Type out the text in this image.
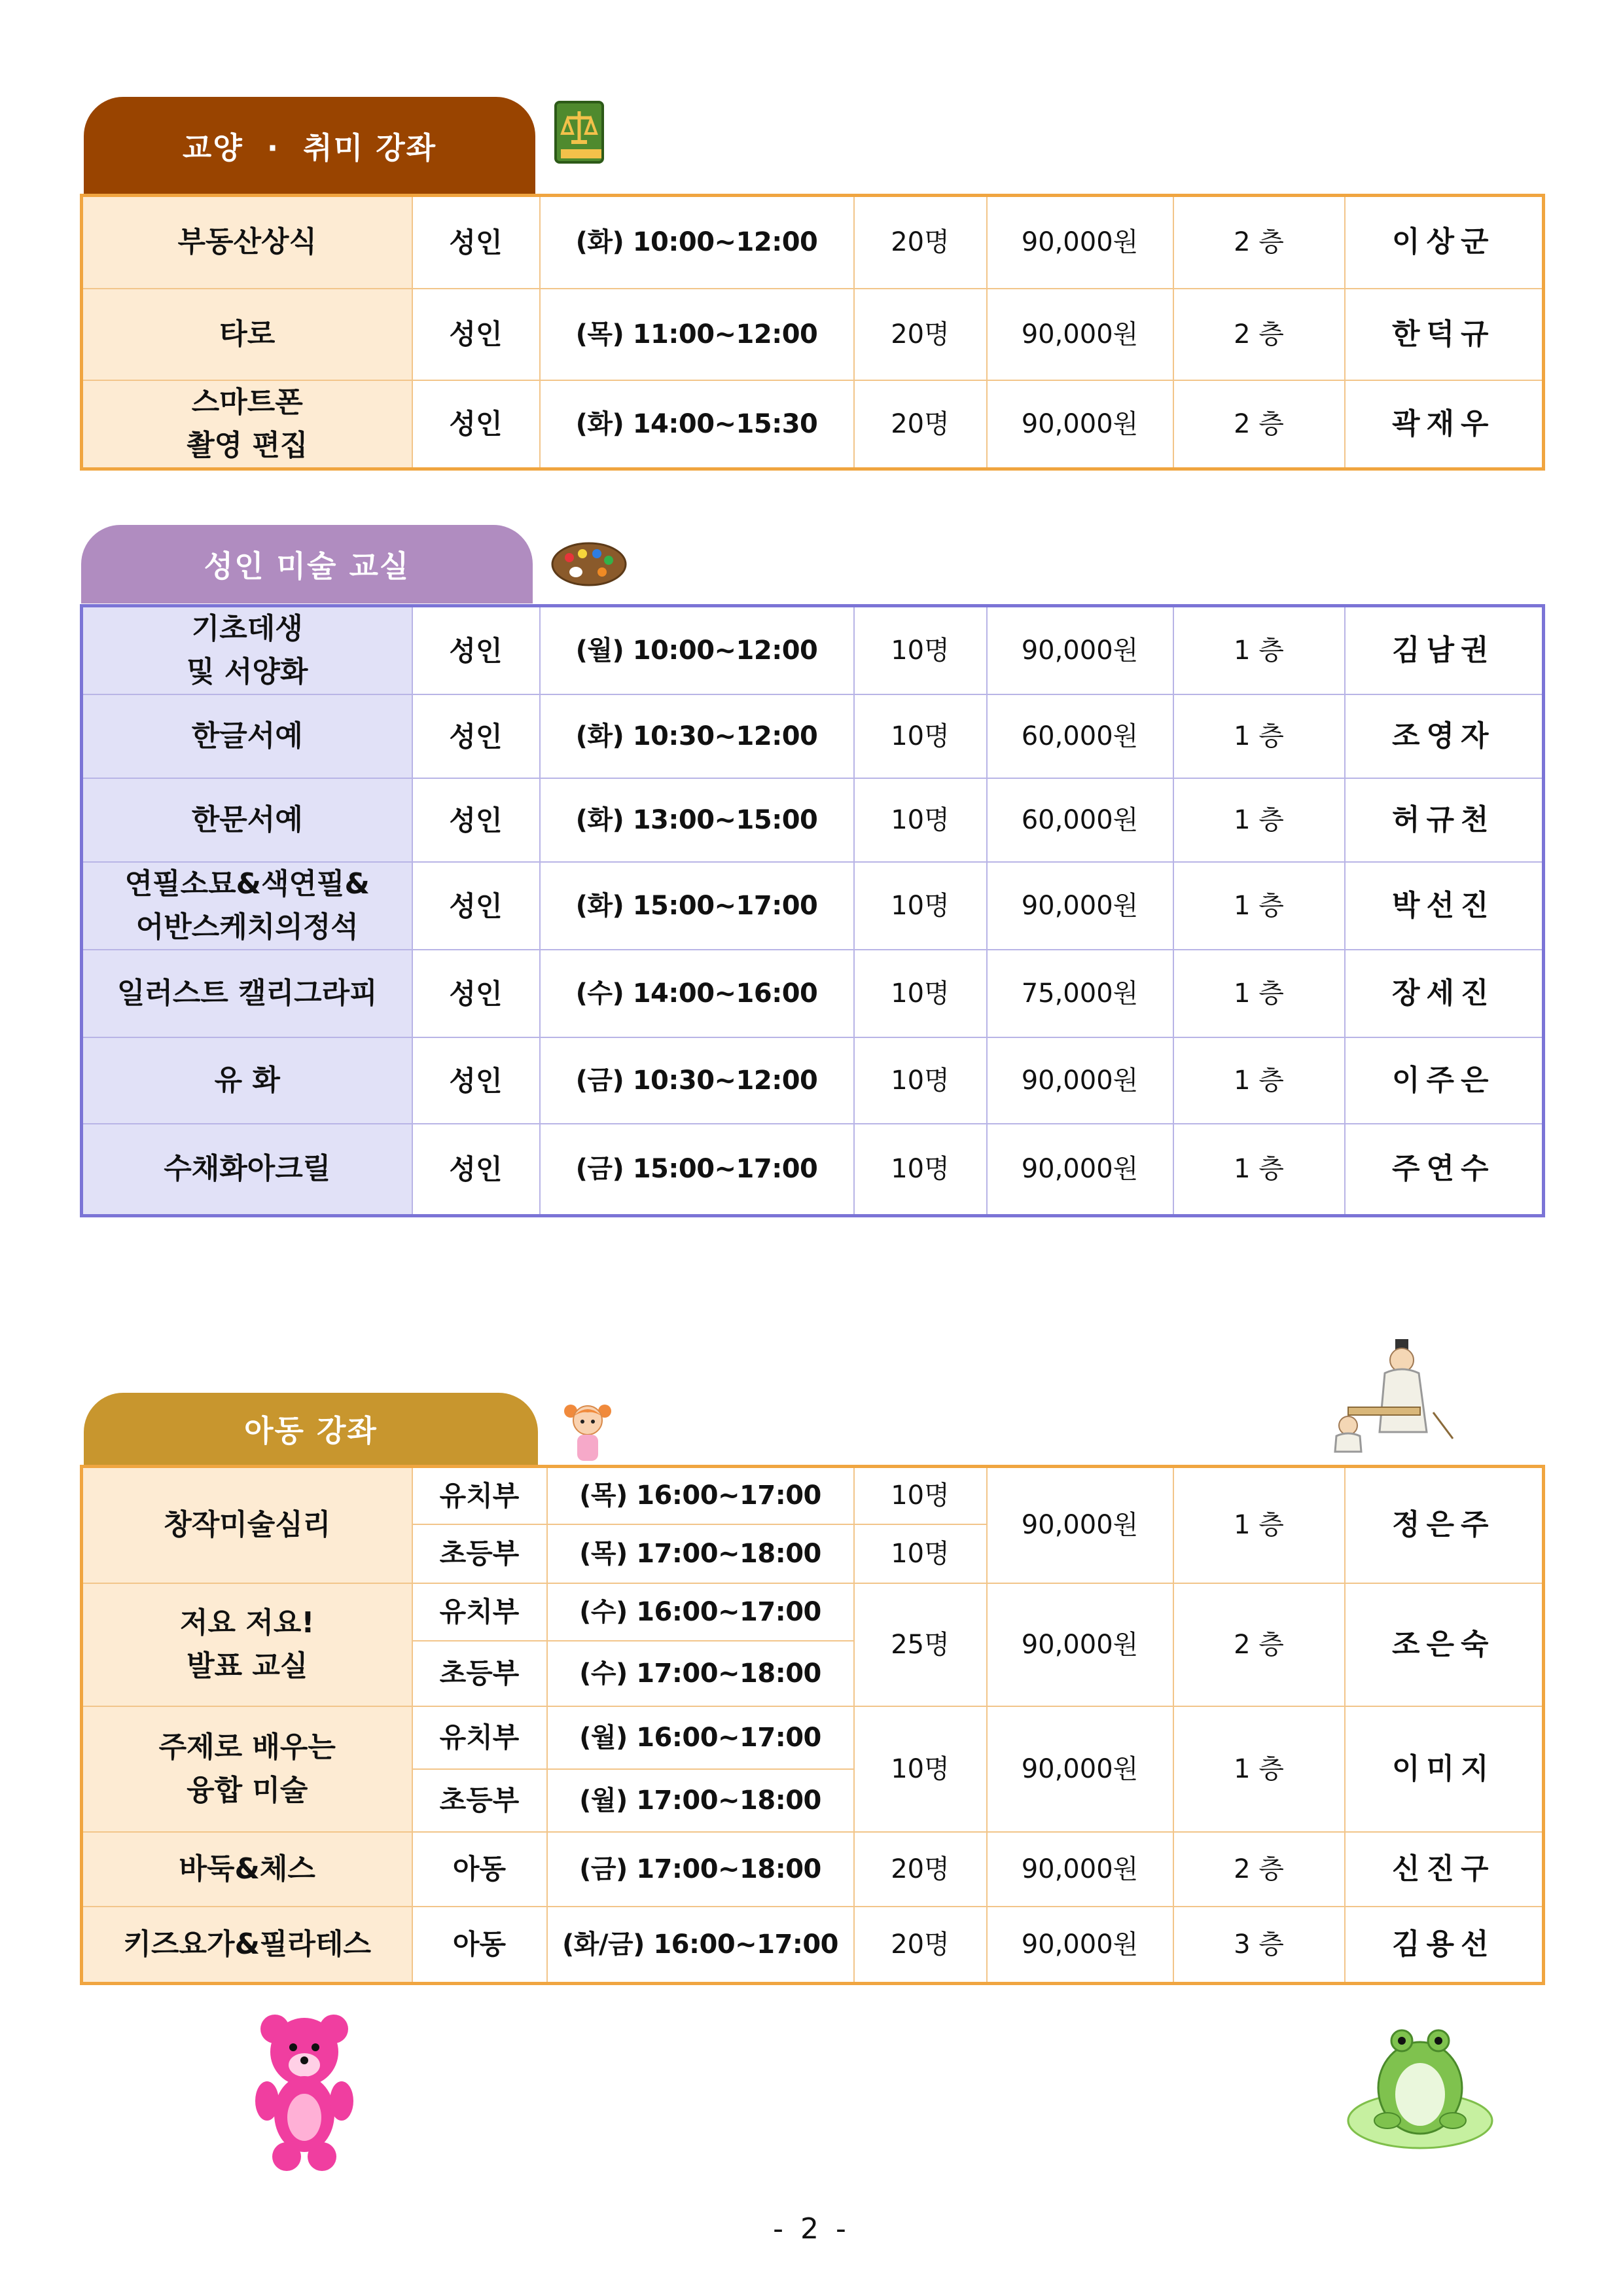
교양  ·  취미 강좌
부동산상식	성인	(화) 10:00~12:00	20명	90,000원	2 층	이상군
타로	성인	(목) 11:00~12:00	20명	90,000원	2 층	한덕규
스마트폰
촬영 편집	성인	(화) 14:00~15:30	20명	90,000원	2 층	곽재우
성인 미술 교실
기초데생
및 서양화	성인	(월) 10:00~12:00	10명	90,000원	1 층	김남권
한글서예	성인	(화) 10:30~12:00	10명	60,000원	1 층	조영자
한문서예	성인	(화) 13:00~15:00	10명	60,000원	1 층	허규천
연필소묘&색연필&
어반스케치의정석	성인	(화) 15:00~17:00	10명	90,000원	1 층	박선진
일러스트 캘리그라피	성인	(수) 14:00~16:00	10명	75,000원	1 층	장세진
유 화	성인	(금) 10:30~12:00	10명	90,000원	1 층	이주은
수채화아크릴	성인	(금) 15:00~17:00	10명	90,000원	1 층	주연수
아동 강좌
창작미술심리	유치부	(목) 16:00~17:00	10명	90,000원	1 층	정은주
	초등부	(목) 17:00~18:00	10명			
저요 저요!
발표 교실	유치부	(수) 16:00~17:00	25명	90,000원	2 층	조은숙
	초등부	(수) 17:00~18:00				
주제로 배우는
융합 미술	유치부	(월) 16:00~17:00	10명	90,000원	1 층	이미지
	초등부	(월) 17:00~18:00				
바둑&체스	아동	(금) 17:00~18:00	20명	90,000원	2 층	신진구
키즈요가&필라테스	아동	(화/금) 16:00~17:00	20명	90,000원	3 층	김용선
- 2 -
